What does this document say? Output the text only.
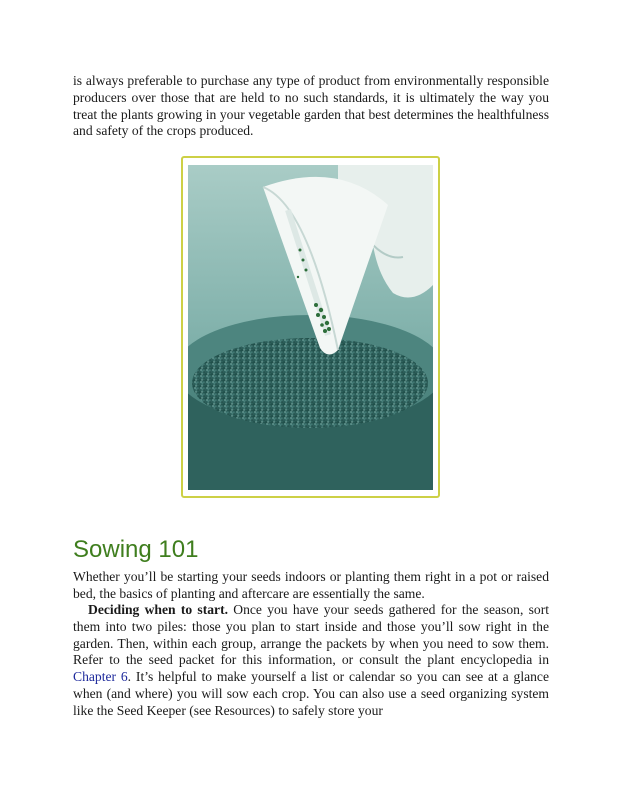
is always preferable to purchase any type of product from environmentally responsible producers over those that are held to no such standards, it is ultimately the way you treat the plants growing in your vegetable garden that best determines the healthfulness and safety of the crops produced.

Sowing 101

Whether you’ll be starting your seeds indoors or planting them right in a pot or raised bed, the basics of planting and aftercare are essentially the same.

Deciding when to start. Once you have your seeds gathered for the season, sort them into two piles: those you plan to start inside and those you’ll sow right in the garden. Then, within each group, arrange the packets by when you need to sow them. Refer to the seed packet for this information, or consult the plant encyclopedia in Chapter 6. It’s helpful to make yourself a list or calendar so you can see at a glance when (and where) you will sow each crop. You can also use a seed organizing system like the Seed Keeper (see Resources) to safely store your
